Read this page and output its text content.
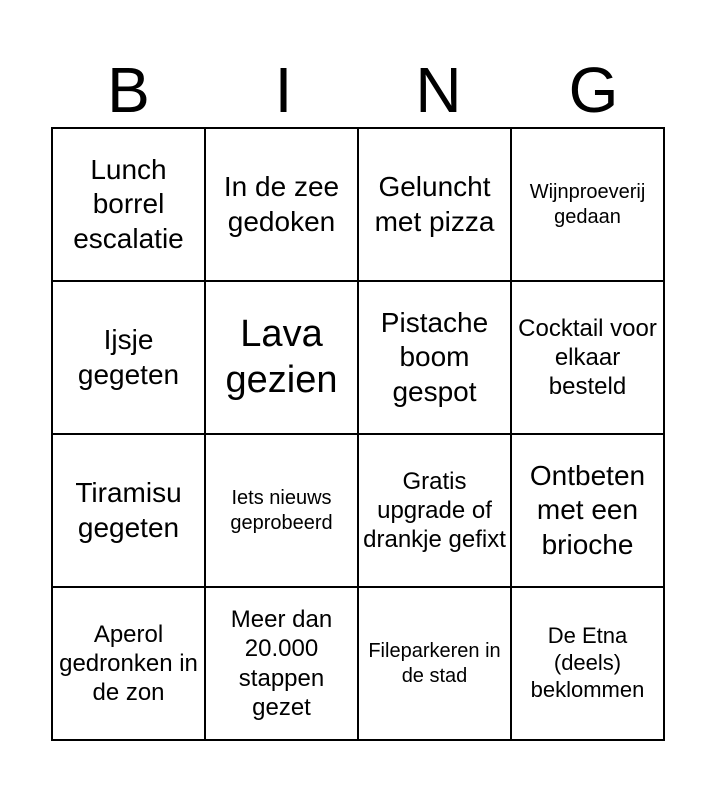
B	I	N	G
Lunch borrel escalatie	In de zee gedoken	Geluncht met pizza	Wijnproeverij gedaan
Ijsje gegeten	Lava gezien	Pistache boom gespot	Cocktail voor elkaar besteld
Tiramisu gegeten	Iets nieuws geprobeerd	Gratis upgrade of drankje gefixt	Ontbeten met een brioche
Aperol gedronken in de zon	Meer dan 20.000 stappen gezet	Fileparkeren in de stad	De Etna (deels) beklommen
